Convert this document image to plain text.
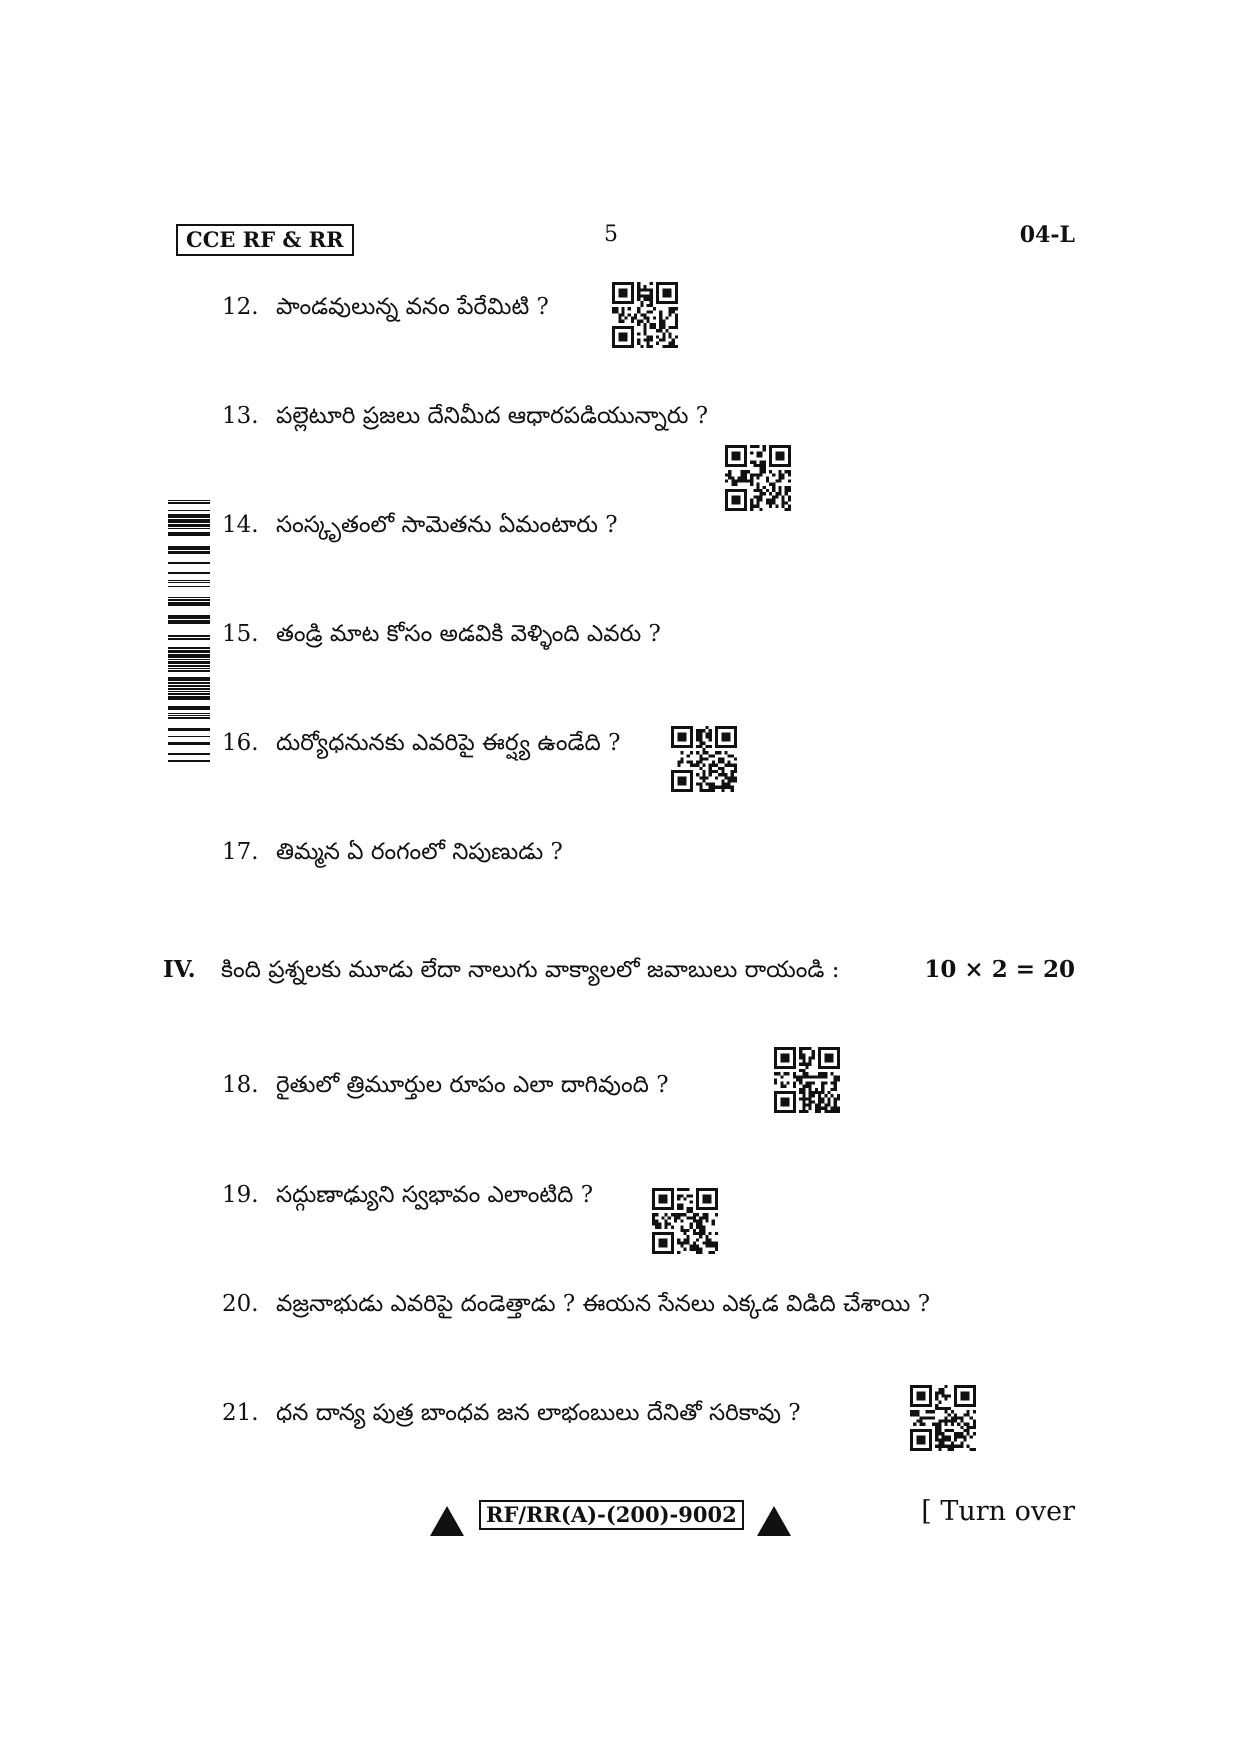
CCE RF & RR	5	04-L
12. పాండవులున్న వనం పేరేమిటి ?
13. పల్లెటూరి ప్రజలు దేనిమీద ఆధారపడియున్నారు ?
14. సంస్కృతంలో సామెతను ఏమంటారు ?
15. తండ్రి మాట కోసం అడవికి వెళ్ళింది ఎవరు ?
16. దుర్యోధనునకు ఎవరిపై ఈర్ష్య ఉండేది ?
17. తిమ్మన ఏ రంగంలో నిపుణుడు ?
IV. కింది ప్రశ్నలకు మూడు లేదా నాలుగు వాక్యాలలో జవాబులు రాయండి :	10 × 2 = 20
18. రైతులో త్రిమూర్తుల రూపం ఎలా దాగివుంది ?
19. సద్గుణాఢ్యుని స్వభావం ఎలాంటిది ?
20. వజ్రనాభుడు ఎవరిపై దండెత్తాడు ? ఈయన సేనలు ఎక్కడ విడిది చేశాయి ?
21. ధన దాన్య పుత్ర బాంధవ జన లాభంబులు దేనితో సరికావు ?
RF/RR(A)-(200)-9002	[ Turn over
